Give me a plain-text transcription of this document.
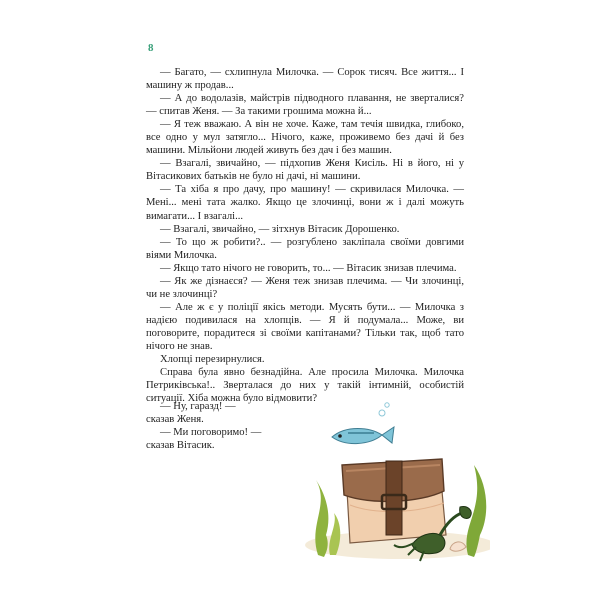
8

— Багато, — схлипнула Милочка. — Сорок тисяч. Все життя... І машину ж продав...

— А до водолазів, майстрів підводного плавання, не зверталися? — спитав Женя. — За такими грошима можна й...

— Я теж вважаю. А він не хоче. Каже, там течія швидка, глибоко, все одно у мул затягло... Нічого, каже, проживемо без дачі й без машини. Мільйони людей живуть без дач і без машин.

— Взагалі, звичайно, — підхопив Женя Кисіль. Ні в його, ні у Вітасикових батьків не було ні дачі, ні машини.

— Та хіба я про дачу, про машину! — скривилася Милочка. — Мені... мені тата жалко. Якщо це злочинці, вони ж і далі можуть вимагати... І взагалі...

— Взагалі, звичайно, — зітхнув Вітасик Дорошенко.

— То що ж робити?.. — розгублено закліпала своїми довгими віями Милочка.

— Якщо тато нічого не говорить, то... — Вітасик знизав плечима.

— Як же дізнаєся? — Женя теж знизав плечима. — Чи злочинці, чи не злочинці?

— Але ж є у поліції якісь методи. Мусять бути... — Милочка з надією подивилася на хлопців. — Я й подумала... Може, ви поговорите, порадитеся зі своїми капітанами? Тільки так, щоб тато нічого не знав.

Хлопці перезирнулися.

Справа була явно безнадійна. Але просила Милочка. Милочка Петриківська!.. Зверталася до них у такій інтимній, особистій ситуації. Хіба можна було відмовити?

— Ну, гаразд! — сказав Женя.

— Ми поговоримо! — сказав Вітасик.
